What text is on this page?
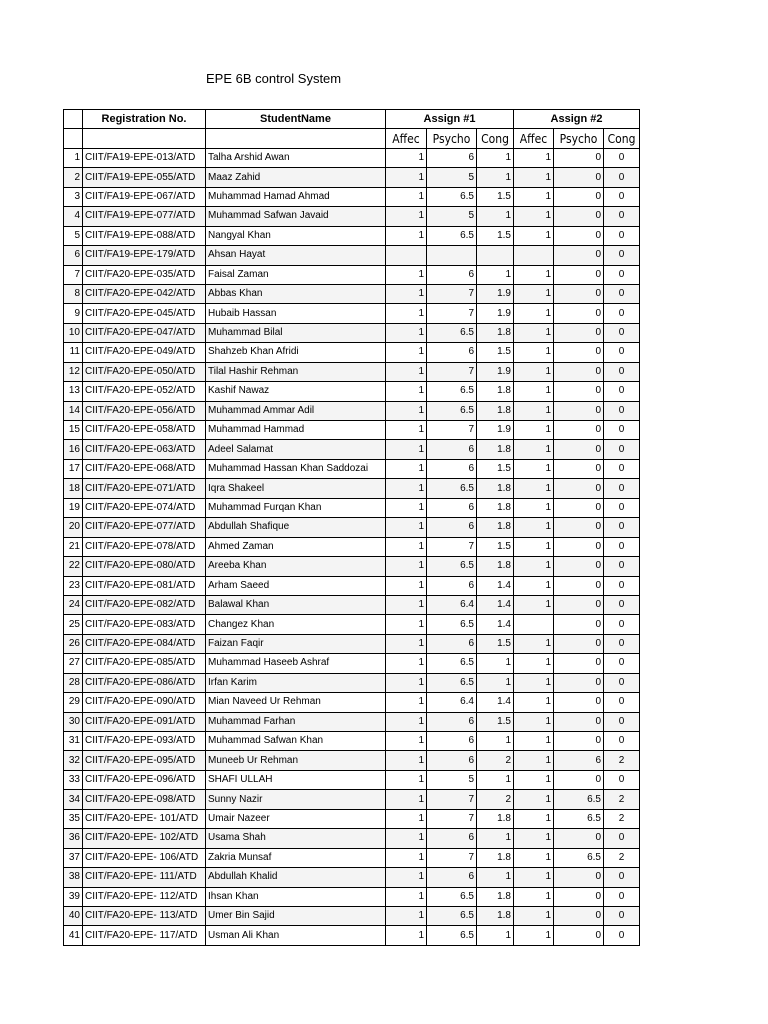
EPE 6B control System
	Registration No.	StudentName	Assign #1			Assign #2		
			Affec	Psycho	Cong	Affec	Psycho	Cong
1	CIIT/FA19-EPE-013/ATD	Talha Arshid Awan	1	6	1	1	0	0
2	CIIT/FA19-EPE-055/ATD	Maaz Zahid	1	5	1	1	0	0
3	CIIT/FA19-EPE-067/ATD	Muhammad Hamad Ahmad	1	6.5	1.5	1	0	0
4	CIIT/FA19-EPE-077/ATD	Muhammad Safwan Javaid	1	5	1	1	0	0
5	CIIT/FA19-EPE-088/ATD	Nangyal Khan	1	6.5	1.5	1	0	0
6	CIIT/FA19-EPE-179/ATD	Ahsan Hayat					0	0
7	CIIT/FA20-EPE-035/ATD	Faisal Zaman	1	6	1	1	0	0
8	CIIT/FA20-EPE-042/ATD	Abbas Khan	1	7	1.9	1	0	0
9	CIIT/FA20-EPE-045/ATD	Hubaib Hassan	1	7	1.9	1	0	0
10	CIIT/FA20-EPE-047/ATD	Muhammad Bilal	1	6.5	1.8	1	0	0
11	CIIT/FA20-EPE-049/ATD	Shahzeb Khan Afridi	1	6	1.5	1	0	0
12	CIIT/FA20-EPE-050/ATD	Tilal Hashir Rehman	1	7	1.9	1	0	0
13	CIIT/FA20-EPE-052/ATD	Kashif Nawaz	1	6.5	1.8	1	0	0
14	CIIT/FA20-EPE-056/ATD	Muhammad Ammar Adil	1	6.5	1.8	1	0	0
15	CIIT/FA20-EPE-058/ATD	Muhammad Hammad	1	7	1.9	1	0	0
16	CIIT/FA20-EPE-063/ATD	Adeel Salamat	1	6	1.8	1	0	0
17	CIIT/FA20-EPE-068/ATD	Muhammad Hassan Khan Saddozai	1	6	1.5	1	0	0
18	CIIT/FA20-EPE-071/ATD	Iqra Shakeel	1	6.5	1.8	1	0	0
19	CIIT/FA20-EPE-074/ATD	Muhammad Furqan Khan	1	6	1.8	1	0	0
20	CIIT/FA20-EPE-077/ATD	Abdullah Shafique	1	6	1.8	1	0	0
21	CIIT/FA20-EPE-078/ATD	Ahmed Zaman	1	7	1.5	1	0	0
22	CIIT/FA20-EPE-080/ATD	Areeba Khan	1	6.5	1.8	1	0	0
23	CIIT/FA20-EPE-081/ATD	Arham Saeed	1	6	1.4	1	0	0
24	CIIT/FA20-EPE-082/ATD	Balawal Khan	1	6.4	1.4	1	0	0
25	CIIT/FA20-EPE-083/ATD	Changez Khan	1	6.5	1.4		0	0
26	CIIT/FA20-EPE-084/ATD	Faizan Faqir	1	6	1.5	1	0	0
27	CIIT/FA20-EPE-085/ATD	Muhammad Haseeb Ashraf	1	6.5	1	1	0	0
28	CIIT/FA20-EPE-086/ATD	Irfan Karim	1	6.5	1	1	0	0
29	CIIT/FA20-EPE-090/ATD	Mian Naveed Ur Rehman	1	6.4	1.4	1	0	0
30	CIIT/FA20-EPE-091/ATD	Muhammad Farhan	1	6	1.5	1	0	0
31	CIIT/FA20-EPE-093/ATD	Muhammad Safwan Khan	1	6	1	1	0	0
32	CIIT/FA20-EPE-095/ATD	Muneeb Ur Rehman	1	6	2	1	6	2
33	CIIT/FA20-EPE-096/ATD	SHAFI ULLAH	1	5	1	1	0	0
34	CIIT/FA20-EPE-098/ATD	Sunny Nazir	1	7	2	1	6.5	2
35	CIIT/FA20-EPE- 101/ATD	Umair Nazeer	1	7	1.8	1	6.5	2
36	CIIT/FA20-EPE- 102/ATD	Usama Shah	1	6	1	1	0	0
37	CIIT/FA20-EPE- 106/ATD	Zakria Munsaf	1	7	1.8	1	6.5	2
38	CIIT/FA20-EPE- 111/ATD	Abdullah Khalid	1	6	1	1	0	0
39	CIIT/FA20-EPE- 112/ATD	Ihsan Khan	1	6.5	1.8	1	0	0
40	CIIT/FA20-EPE- 113/ATD	Umer Bin Sajid	1	6.5	1.8	1	0	0
41	CIIT/FA20-EPE- 117/ATD	Usman Ali Khan	1	6.5	1	1	0	0
